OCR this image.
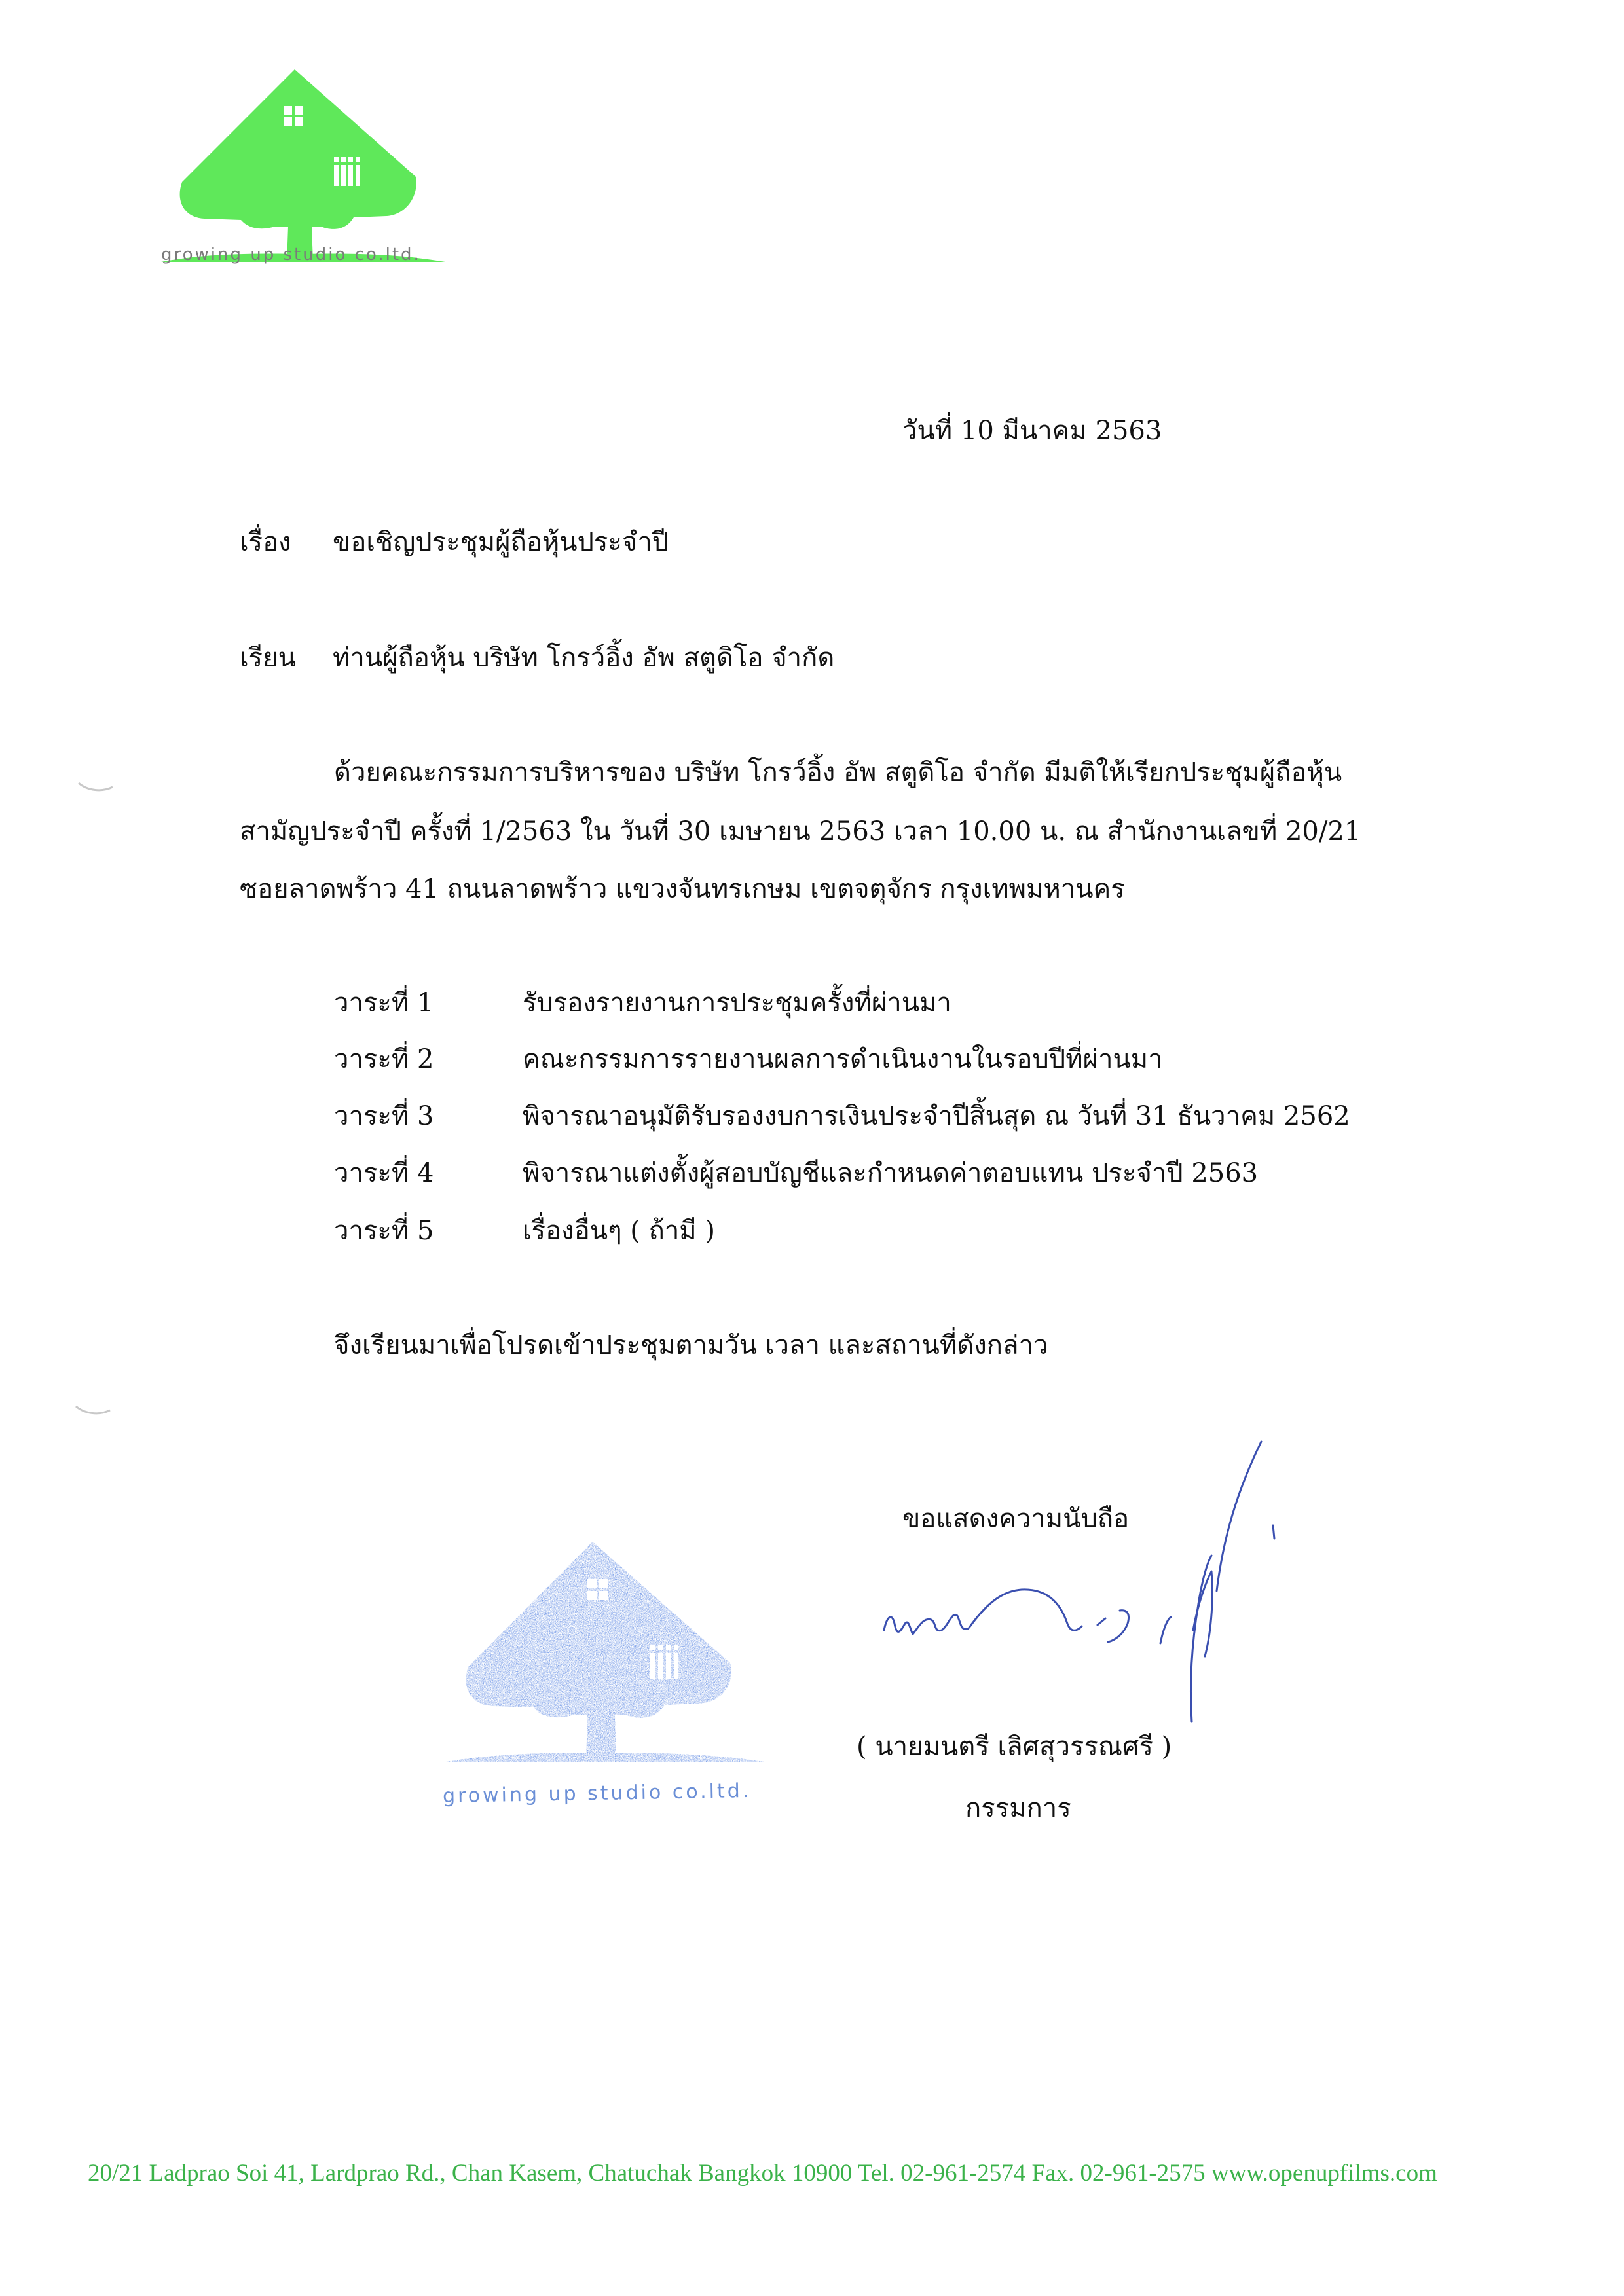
growing up studio co.ltd.
วันที่ 10 มีนาคม 2563
เรื่อง ขอเชิญประชุมผู้ถือหุ้นประจำปี
เรียน ท่านผู้ถือหุ้น บริษัท โกรว์อิ้ง อัพ สตูดิโอ จำกัด
ด้วยคณะกรรมการบริหารของ บริษัท โกรว์อิ้ง อัพ สตูดิโอ จำกัด มีมติให้เรียกประชุมผู้ถือหุ้น
สามัญประจำปี ครั้งที่ 1/2563 ใน วันที่ 30 เมษายน 2563 เวลา 10.00 น. ณ สำนักงานเลขที่ 20/21
ซอยลาดพร้าว 41 ถนนลาดพร้าว แขวงจันทรเกษม เขตจตุจักร กรุงเทพมหานคร
วาระที่ 1	รับรองรายงานการประชุมครั้งที่ผ่านมา
วาระที่ 2	คณะกรรมการรายงานผลการดำเนินงานในรอบปีที่ผ่านมา
วาระที่ 3	พิจารณาอนุมัติรับรองงบการเงินประจำปีสิ้นสุด ณ วันที่ 31 ธันวาคม 2562
วาระที่ 4	พิจารณาแต่งตั้งผู้สอบบัญชีและกำหนดค่าตอบแทน ประจำปี 2563
วาระที่ 5	เรื่องอื่นๆ ( ถ้ามี )
จึงเรียนมาเพื่อโปรดเข้าประชุมตามวัน เวลา และสถานที่ดังกล่าว
ขอแสดงความนับถือ
growing up studio co.ltd.
( นายมนตรี เลิศสุวรรณศรี )
กรรมการ
20/21 Ladprao Soi 41, Lardprao Rd., Chan Kasem, Chatuchak Bangkok 10900 Tel. 02-961-2574 Fax. 02-961-2575 www.openupfilms.com
